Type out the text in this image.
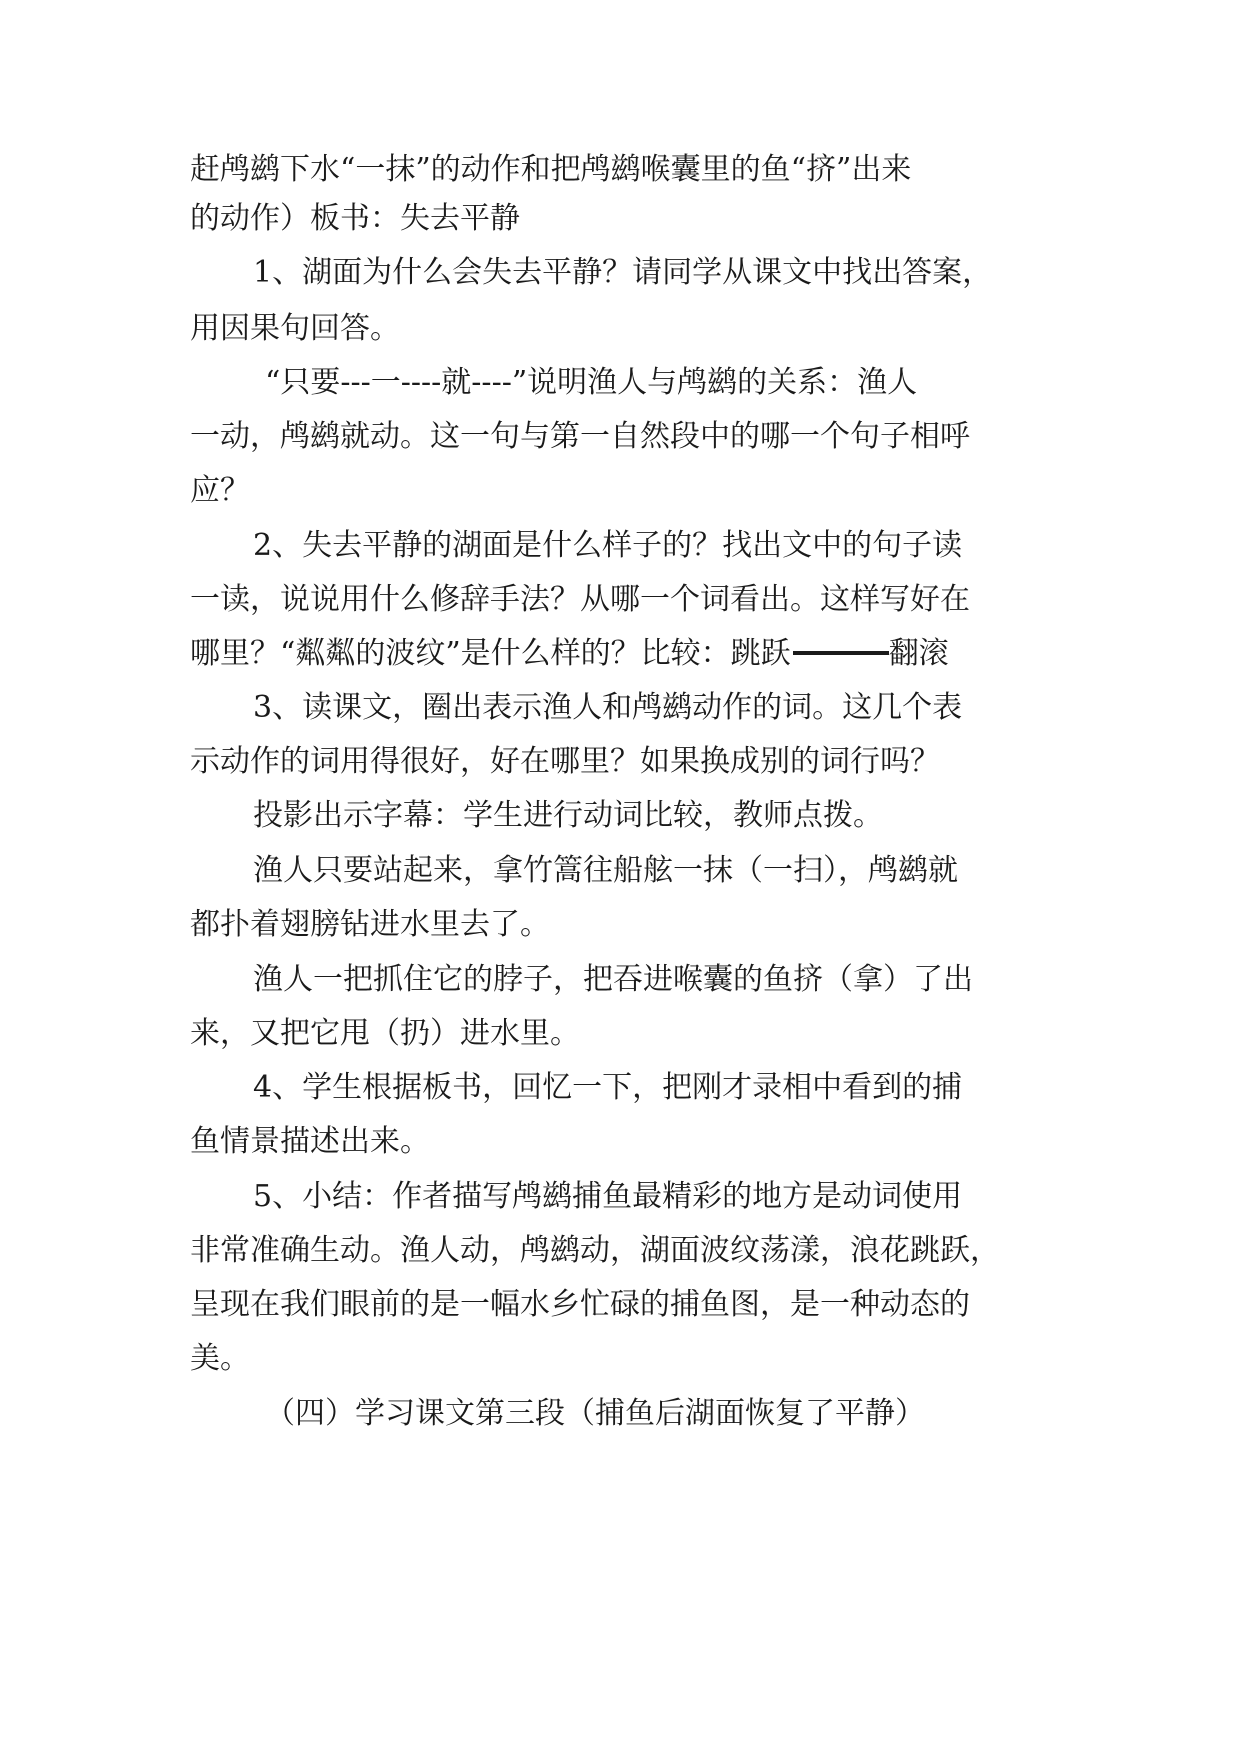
赶鸬鹚下水“一抹”的动作和把鸬鹚喉囊里的鱼“挤”出来
的动作）板书：失去平静
1、湖面为什么会失去平静？请同学从课文中找出答案，
用因果句回答。
“只要---一----就----”说明渔人与鸬鹚的关系：渔人
一动，鸬鹚就动。这一句与第一自然段中的哪一个句子相呼
应？
2、失去平静的湖面是什么样子的？找出文中的句子读
一读，说说用什么修辞手法？从哪一个词看出。这样写好在
哪里？“粼粼的波纹”是什么样的？比较：跳跃	翻滚
3、读课文，圈出表示渔人和鸬鹚动作的词。这几个表
示动作的词用得很好，好在哪里？如果换成别的词行吗？
投影出示字幕：学生进行动词比较，教师点拨。
渔人只要站起来，拿竹篙往船舷一抹（一扫），鸬鹚就
都扑着翅膀钻进水里去了。
渔人一把抓住它的脖子，把吞进喉囊的鱼挤（拿）了出
来，又把它甩（扔）进水里。
4、学生根据板书，回忆一下，把刚才录相中看到的捕
鱼情景描述出来。
5、小结：作者描写鸬鹚捕鱼最精彩的地方是动词使用
非常准确生动。渔人动，鸬鹚动，湖面波纹荡漾，浪花跳跃，
呈现在我们眼前的是一幅水乡忙碌的捕鱼图，是一种动态的
美。
（四）学习课文第三段（捕鱼后湖面恢复了平静）
